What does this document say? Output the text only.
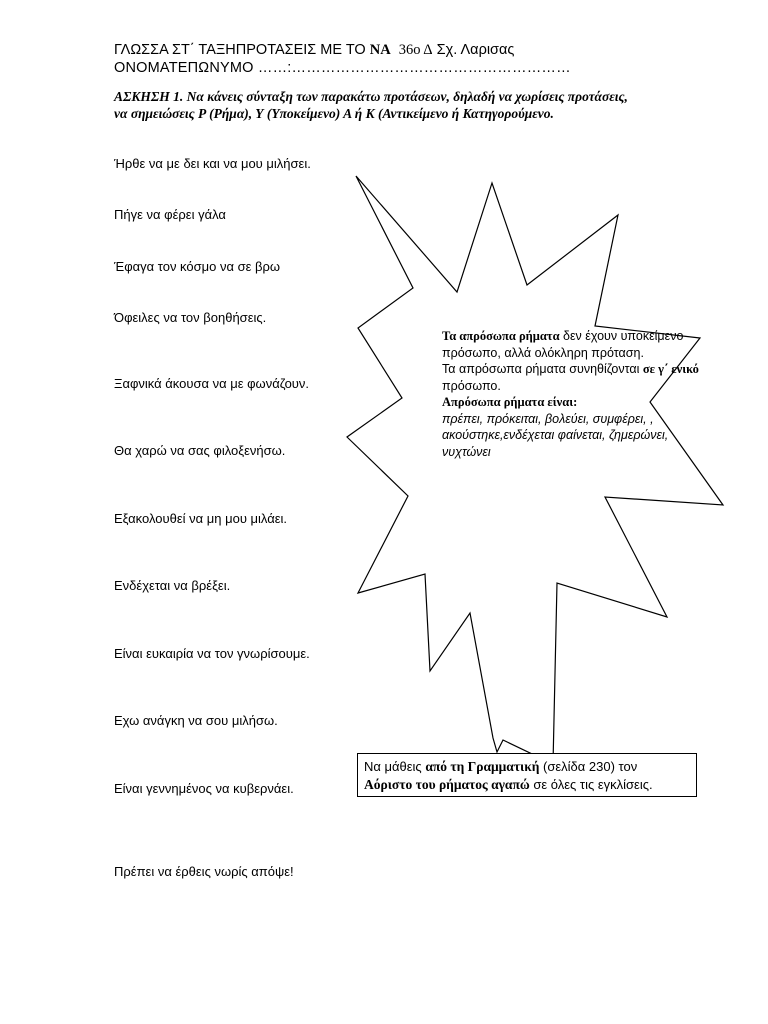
ΓΛΩΣΣΑ ΣΤ΄ ΤΑΞΗΠΡΟΤΑΣΕΙΣ ΜΕ ΤΟ ΝΑ 36ο Δ Σχ. Λαρισας
ΟΝΟΜΑΤΕΠΩΝΥΜΟ ……:…………………………………………………
ΑΣΚΗΣΗ 1. Να κάνεις σύνταξη των παρακάτω προτάσεων, δηλαδή να χωρίσεις προτάσεις, να σημειώσεις Ρ (Ρήμα), Υ (Υποκείμενο) Α ή Κ (Αντικείμενο ή Κατηγορούμενο.
Ήρθε να με δει και να μου μιλήσει.
Πήγε να φέρει γάλα
Έφαγα τον κόσμο να σε βρω
Όφειλες να τον βοηθήσεις.
Ξαφνικά άκουσα να με φωνάζουν.
Θα χαρώ να σας φιλοξενήσω.
Εξακολουθεί να μη μου μιλάει.
Ενδέχεται να βρέξει.
Είναι ευκαιρία να τον γνωρίσουμε.
Εχω ανάγκη να σου μιλήσω.
Είναι γεννημένος να κυβερνάει.
Πρέπει να έρθεις νωρίς απόψε!
Τα απρόσωπα ρήματα δεν έχουν υποκείμενο πρόσωπο, αλλά ολόκληρη πρόταση.
Τα απρόσωπα ρήματα συνηθίζονται σε γ΄ ενικό πρόσωπο.
Απρόσωπα ρήματα είναι:
πρέπει, πρόκειται, βολεύει, συμφέρει, , ακούστηκε,ενδέχεται φαίνεται, ζημερώνει, νυχτώνει
Να μάθεις από τη Γραμματική (σελίδα 230) τον
Αόριστο του ρήματος αγαπώ σε όλες τις εγκλίσεις.
